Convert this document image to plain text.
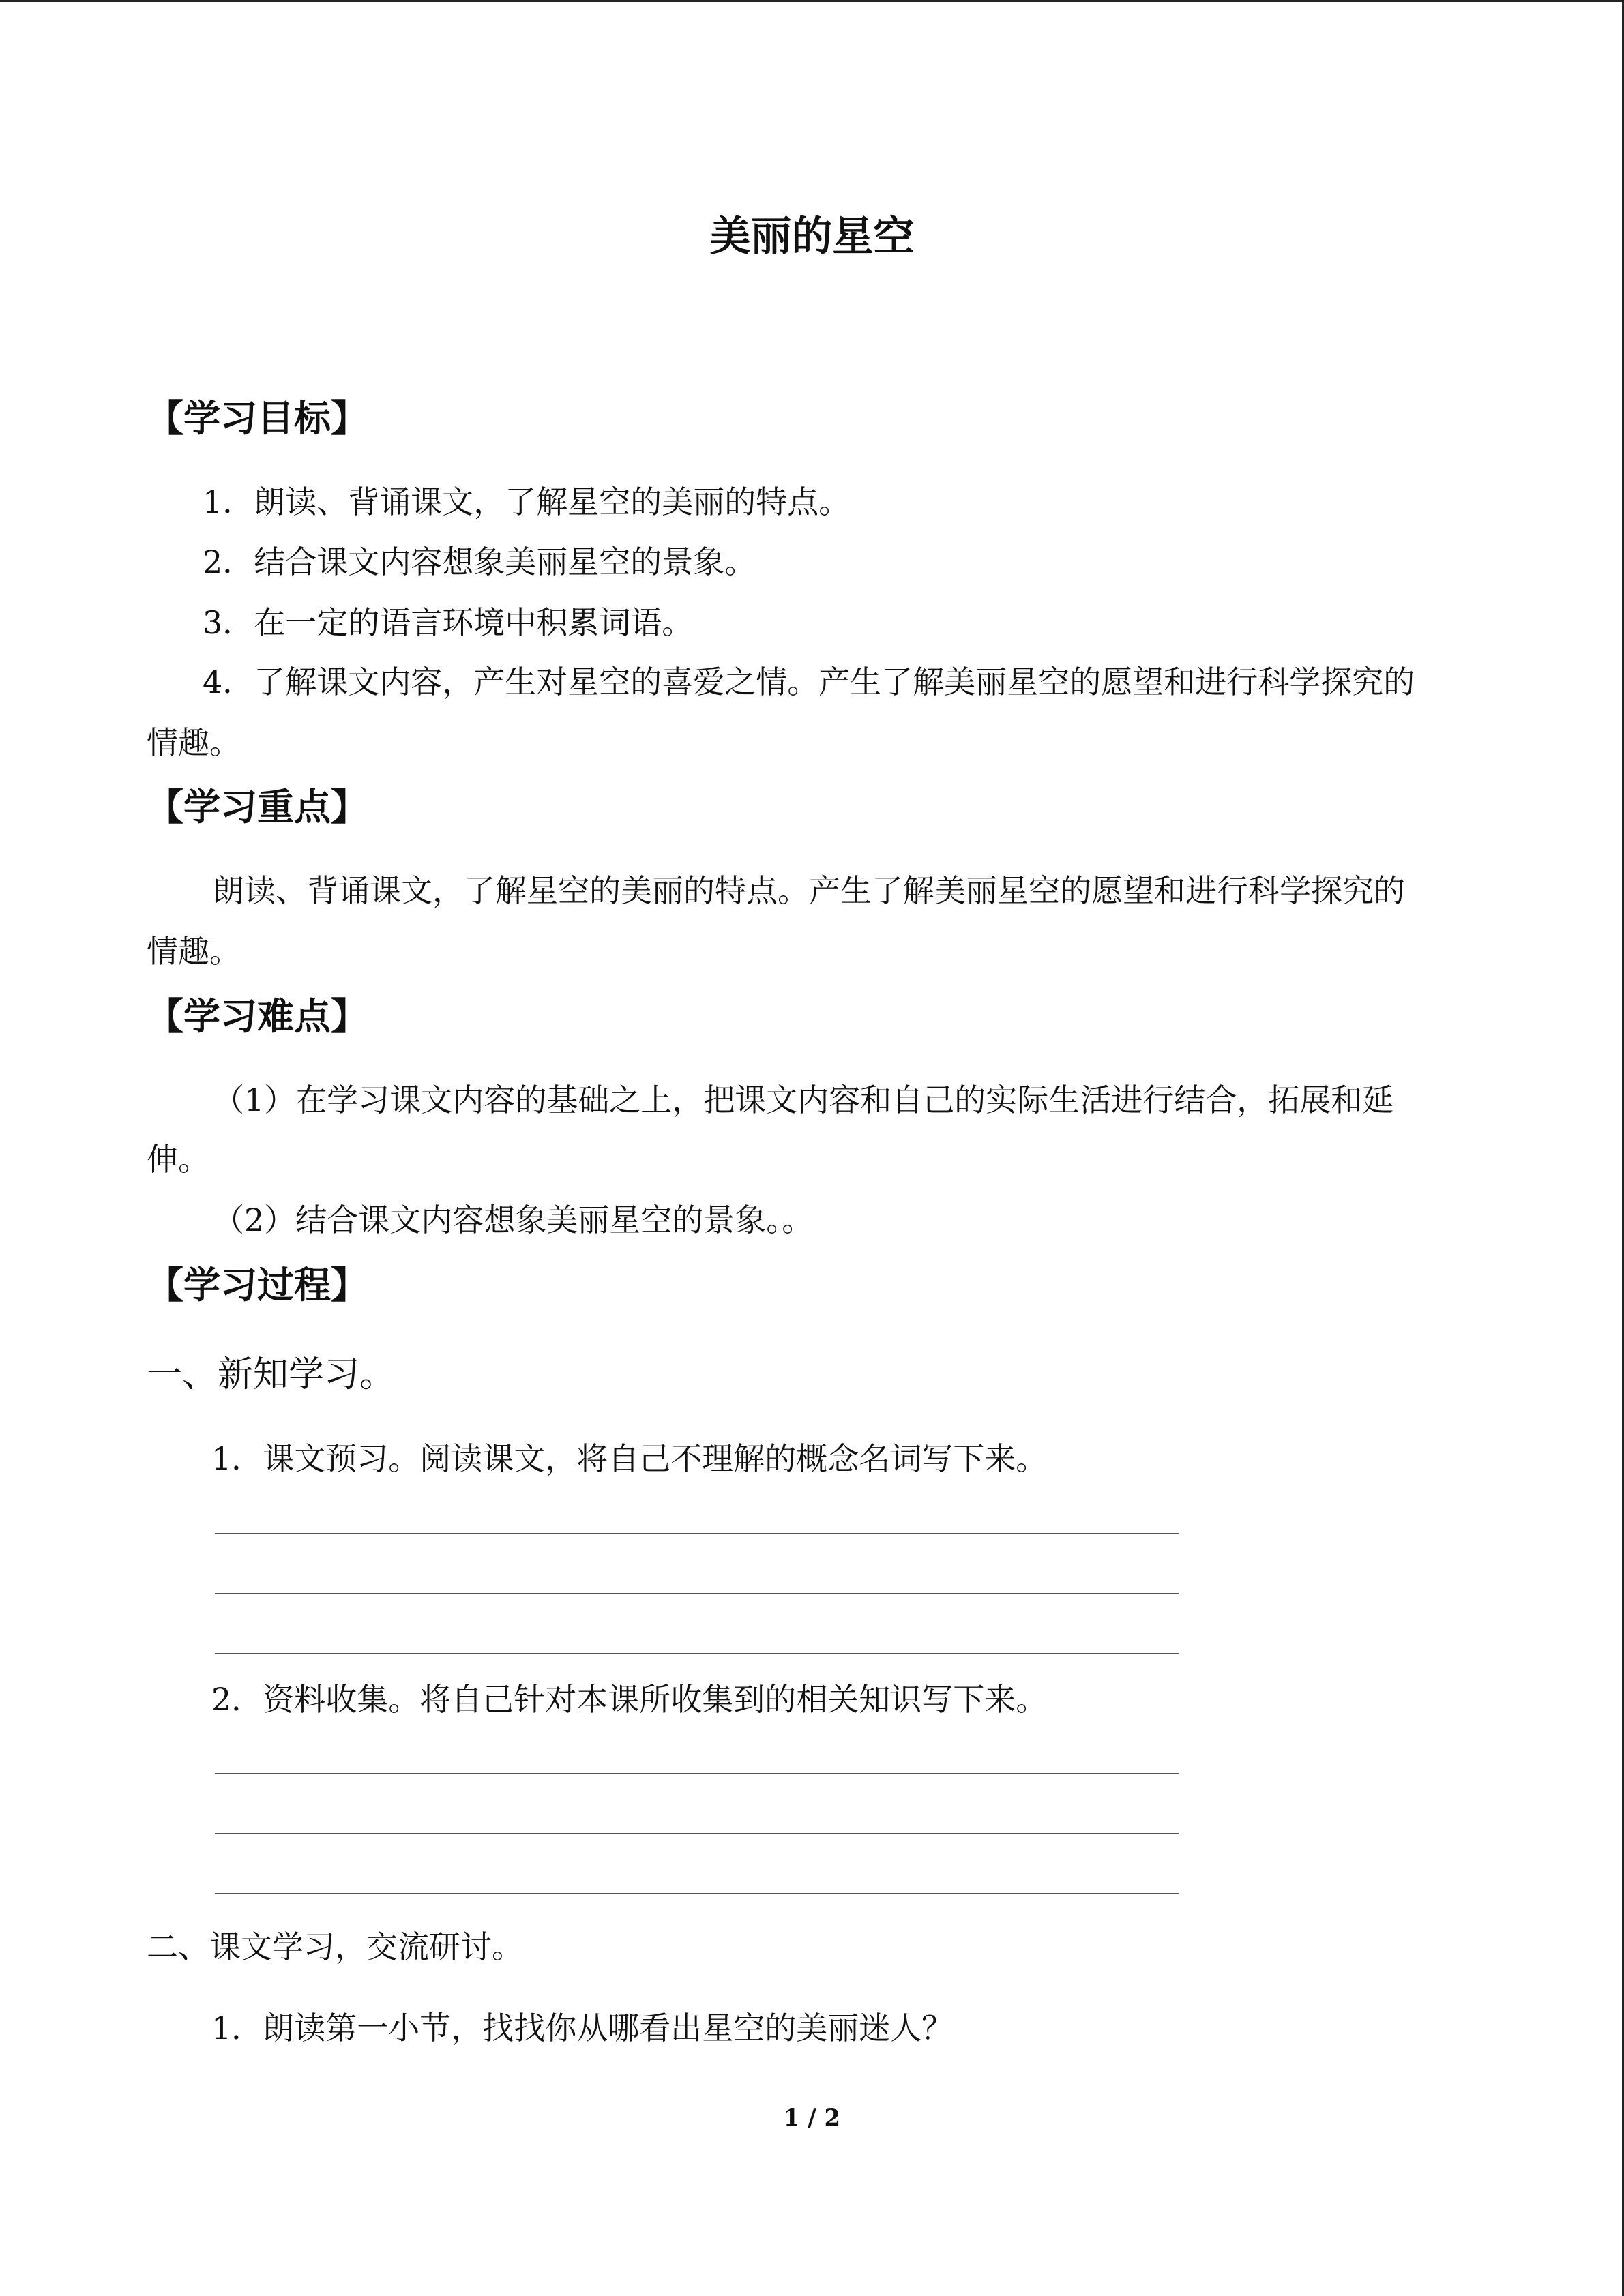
美丽的星空
【学习目标】
1．朗读、背诵课文，了解星空的美丽的特点。
2．结合课文内容想象美丽星空的景象。
3．在一定的语言环境中积累词语。
4．了解课文内容，产生对星空的喜爱之情。产生了解美丽星空的愿望和进行科学探究的
情趣。
【学习重点】
朗读、背诵课文，了解星空的美丽的特点。产生了解美丽星空的愿望和进行科学探究的
情趣。
【学习难点】
（1）在学习课文内容的基础之上，把课文内容和自己的实际生活进行结合，拓展和延
伸。
（2）结合课文内容想象美丽星空的景象。。
【学习过程】
一、新知学习。
1．课文预习。阅读课文，将自己不理解的概念名词写下来。
2．资料收集。将自己针对本课所收集到的相关知识写下来。
二、课文学习，交流研讨。
1．朗读第一小节，找找你从哪看出星空的美丽迷人？
1 / 2
